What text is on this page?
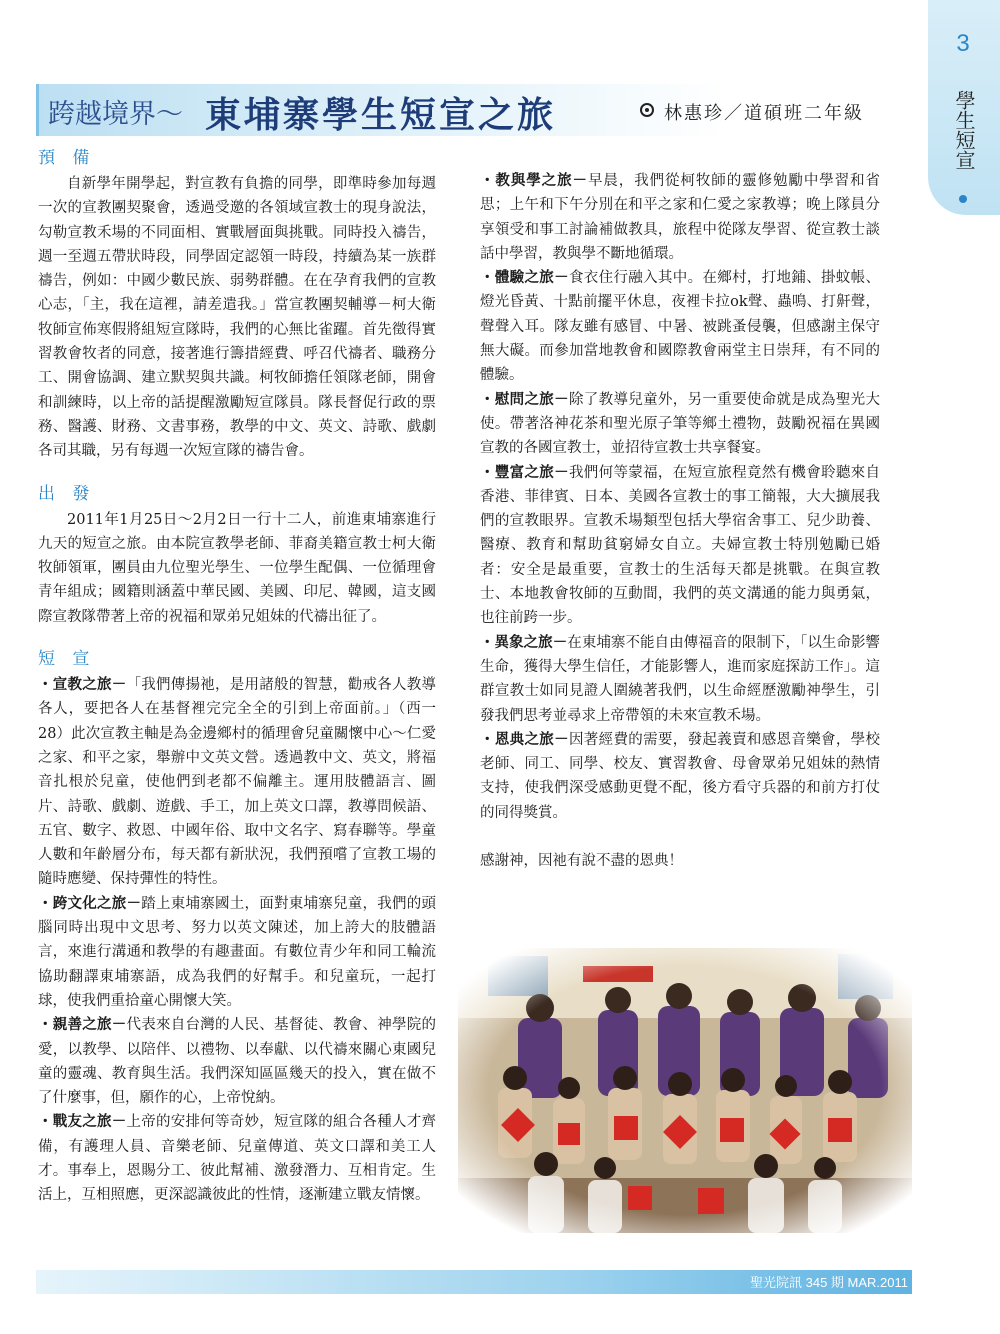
3
學生短宣
跨越境界～ 東埔寨學生短宣之旅	林惠珍／道碩班二年級
預 備

自新學年開學起，對宣教有負擔的同學，即準時參加每週一次的宣教團契聚會，透過受邀的各領域宣教士的現身說法，勾勒宣教禾場的不同面相、實戰層面與挑戰。同時投入禱告，週一至週五帶狀時段，同學固定認領一時段，持續為某一族群禱告，例如：中國少數民族、弱勢群體。在在孕育我們的宣教心志，「主，我在這裡，請差遣我。」當宣教團契輔導－柯大衛牧師宣佈寒假將組短宣隊時，我們的心無比雀躍。首先徵得實習教會牧者的同意，接著進行籌措經費、呼召代禱者、職務分工、開會協調、建立默契與共識。柯牧師擔任領隊老師，開會和訓練時，以上帝的話提醒激勵短宣隊員。隊長督促行政的票務、醫護、財務、文書事務，教學的中文、英文、詩歌、戲劇各司其職，另有每週一次短宣隊的禱告會。

出 發

2011年1月25日～2月2日一行十二人，前進東埔寨進行九天的短宣之旅。由本院宣教學老師、菲裔美籍宣教士柯大衛牧師領軍，團員由九位聖光學生、一位學生配偶、一位循理會青年組成；國籍則涵蓋中華民國、美國、印尼、韓國，這支國際宣教隊帶著上帝的祝福和眾弟兄姐妹的代禱出征了。

短 宣

・宣教之旅－「我們傳揚祂，是用諸般的智慧，勸戒各人教導各人，要把各人在基督裡完完全全的引到上帝面前。」（西一28）此次宣教主軸是為金邊鄉村的循理會兒童關懷中心～仁愛之家、和平之家，舉辦中文英文營。透過教中文、英文，將福音扎根於兒童，使他們到老都不偏離主。運用肢體語言、圖片、詩歌、戲劇、遊戲、手工，加上英文口譯，教導問候語、五官、數字、救恩、中國年俗、取中文名字、寫春聯等。學童人數和年齡層分布，每天都有新狀況，我們預嚐了宣教工場的隨時應變、保持彈性的特性。

・跨文化之旅－踏上東埔寨國土，面對東埔寨兒童，我們的頭腦同時出現中文思考、努力以英文陳述，加上誇大的肢體語言，來進行溝通和教學的有趣畫面。有數位青少年和同工輪流協助翻譯東埔寨語，成為我們的好幫手。和兒童玩，一起打球，使我們重拾童心開懷大笑。

・親善之旅－代表來自台灣的人民、基督徒、教會、神學院的愛，以教學、以陪伴、以禮物、以奉獻、以代禱來關心東國兒童的靈魂、教育與生活。我們深知區區幾天的投入，實在做不了什麼事，但，願作的心，上帝悅納。

・戰友之旅－上帝的安排何等奇妙，短宣隊的組合各種人才齊備，有護理人員、音樂老師、兒童傳道、英文口譯和美工人才。事奉上，恩賜分工、彼此幫補、激發潛力、互相肯定。生活上，互相照應，更深認識彼此的性情，逐漸建立戰友情懷。

・教與學之旅－早晨，我們從柯牧師的靈修勉勵中學習和省思；上午和下午分別在和平之家和仁愛之家教導；晚上隊員分享領受和事工討論補做教具，旅程中從隊友學習、從宣教士談話中學習，教與學不斷地循環。

・體驗之旅－食衣住行融入其中。在鄉村，打地鋪、掛蚊帳、燈光昏黃、十點前擺平休息，夜裡卡拉ok聲、蟲鳴、打鼾聲，聲聲入耳。隊友雖有感冒、中暑、被跳蚤侵襲，但感謝主保守無大礙。而參加當地教會和國際教會兩堂主日崇拜，有不同的體驗。

・慰問之旅－除了教導兒童外，另一重要使命就是成為聖光大使。帶著洛神花茶和聖光原子筆等鄉土禮物，鼓勵祝福在異國宣教的各國宣教士，並招待宣教士共享餐宴。

・豐富之旅－我們何等蒙福，在短宣旅程竟然有機會聆聽來自香港、菲律賓、日本、美國各宣教士的事工簡報，大大擴展我們的宣教眼界。宣教禾場類型包括大學宿舍事工、兒少助養、醫療、教育和幫助貧窮婦女自立。夫婦宣教士特別勉勵已婚者：安全是最重要，宣教士的生活每天都是挑戰。在與宣教士、本地教會牧師的互動間，我們的英文溝通的能力與勇氣，也往前跨一步。

・異象之旅－在東埔寨不能自由傳福音的限制下，「以生命影響生命，獲得大學生信任，才能影響人，進而家庭探訪工作」。這群宣教士如同見證人圍繞著我們，以生命經歷激勵神學生，引發我們思考並尋求上帝帶領的未來宣教禾場。

・恩典之旅－因著經費的需要，發起義賣和感恩音樂會，學校老師、同工、同學、校友、實習教會、母會眾弟兄姐妹的熱情支持，使我們深受感動更覺不配，後方看守兵器的和前方打仗的同得獎賞。

感謝神，因祂有說不盡的恩典！

聖光院訊 345 期 MAR.2011
